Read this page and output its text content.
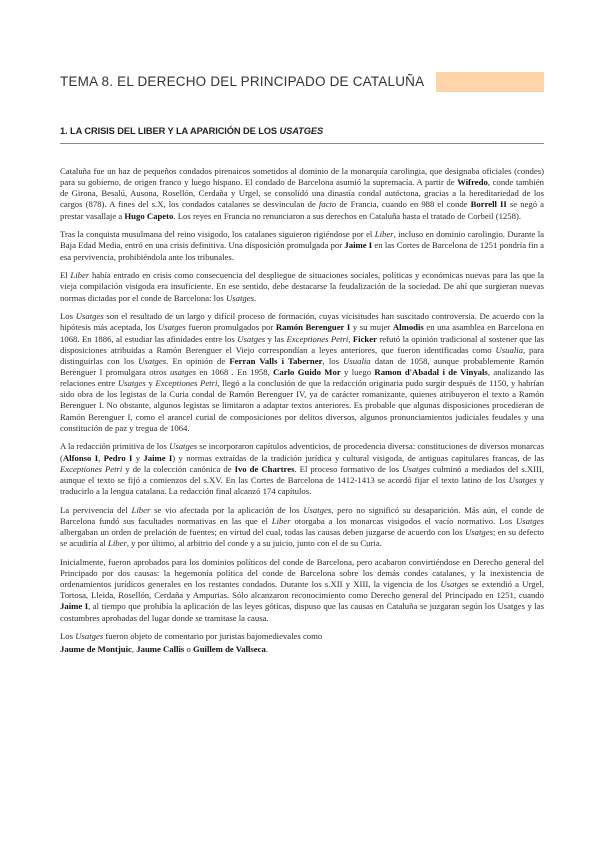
TEMA 8. EL DERECHO DEL PRINCIPADO DE CATALUÑA
1. LA CRISIS DEL LIBER Y LA APARICIÓN DE LOS USATGES

Cataluña fue un haz de pequeños condados pirenaicos sometidos al dominio de la monarquía carolingia, que designaba oficiales (condes) para su gobierno, de origen franco y luego hispano. El condado de Barcelona asumió la supremacía. A partir de Wifredo, conde también de Girona, Besalú, Ausona, Rosellón, Cerdaña y Urgel, se consolidó una dinastía condal autóctona, gracias a la hereditariedad de los cargos (878). A fines del s.X, los condados catalanes se desvinculan de facto de Francia, cuando en 988 el conde Borrell II se negó a prestar vasallaje a Hugo Capeto. Los reyes en Francia no renunciaron a sus derechos en Cataluña hasta el tratado de Corbeil (1258).

Tras la conquista musulmana del reino visigodo, los catalanes siguieron rigiéndose por el Liber, incluso en dominio carolingio. Durante la Baja Edad Media, entró en una crisis definitiva. Una disposición promulgada por Jaime I en las Cortes de Barcelona de 1251 pondría fin a esa pervivencia, prohibiéndola ante los tribunales.

El Liber había entrado en crisis como consecuencia del despliegue de situaciones sociales, políticas y económicas nuevas para las que la vieja compilación visigoda era insuficiente. En ese sentido, debe destacarse la feudalización de la sociedad. De ahí que surgieran nuevas normas dictadas por el conde de Barcelona: los Usatges.

Los Usatges son el resultado de un largo y difícil proceso de formación, cuyas vicisitudes han suscitado controversia. De acuerdo con la hipótesis más aceptada, los Usatges fueron promulgados por Ramón Berenguer I y su mujer Almodis en una asamblea en Barcelona en 1068. En 1886, al estudiar las afinidades entre los Usatges y las Exceptiones Petri, Ficker refutó la opinión tradicional al sostener que las disposiciones atribuidas a Ramón Berenguer el Viejo correspondían a leyes anteriores, que fueron identificadas como Usualia, para distinguirlas con los Usatges. En opinión de Ferran Valls i Taberner, los Usualia datan de 1058, aunque probablemente Ramón Berenguer I promulgara otros usatges en 1068 . En 1958, Carlo Guido Mor y luego Ramon d'Abadal i de Vinyals, analizando las relaciones entre Usatges y Exceptiones Petri, llegó a la conclusión de que la redacción originaria pudo surgir después de 1150, y habrían sido obra de los legistas de la Curia condal de Ramón Berenguer IV, ya de carácter romanizante, quienes atribuyeron el texto a Ramón Berenguer I. No obstante, algunos legistas se limitaron a adaptar textos anteriores. Es probable que algunas disposiciones procedieran de Ramón Berenguer I, como el arancel curial de composiciones por delitos diversos, algunos pronunciamientos judiciales feudales y una constitución de paz y tregua de 1064.

A la redacción primitiva de los Usatges se incorporaron capítulos adventicios, de procedencia diversa: constituciones de diversos monarcas (Alfonso I, Pedro I y Jaime I) y normas extraídas de la tradición jurídica y cultural visigoda, de antiguas capitulares francas, de las Exceptiones Petri y de la colección canónica de Ivo de Chartres. El proceso formativo de los Usatges culminó a mediados del s.XIII, aunque el texto se fijó a comienzos del s.XV. En las Cortes de Barcelona de 1412-1413 se acordó fijar el texto latino de los Usatges y traducirlo a la lengua catalana. La redacción final alcanzó 174 capítulos.

La pervivencia del Liber se vio afectada por la aplicación de los Usatges, pero no significó su desaparición. Más aún, el conde de Barcelona fundó sus facultades normativas en las que el Liber otorgaba a los monarcas visigodos el vacío normativo. Los Usatges albergaban un orden de prelación de fuentes; en virtud del cual, todas las causas deben juzgarse de acuerdo con los Usatges; en su defecto se acudiría al Liber, y por último, al arbitrio del conde y a su juicio, junto con el de su Curia.

Inicialmente, fueron aprobados para los dominios políticos del conde de Barcelona, pero acabaron convirtiéndose en Derecho general del Principado por dos causas: la hegemonía política del conde de Barcelona sobre los demás condes catalanes, y la inexistencia de ordenamientos jurídicos generales en los restantes condados. Durante los s.XII y XIII, la vigencia de los Usatges se extendió a Urgel, Tortosa, Lleida, Rosellón, Cerdaña y Ampurias. Sólo alcanzaron reconocimiento como Derecho general del Principado en 1251, cuando Jaime I, al tiempo que prohibía la aplicación de las leyes góticas, dispuso que las causas en Cataluña se juzgaran según los Usatges y las costumbres aprobadas del lugar donde se tramitase la causa.

Los Usatges fueron objeto de comentario por juristas bajomedievales como

Jaume de Montjuic, Jaume Callis o Guillem de Vallseca.
